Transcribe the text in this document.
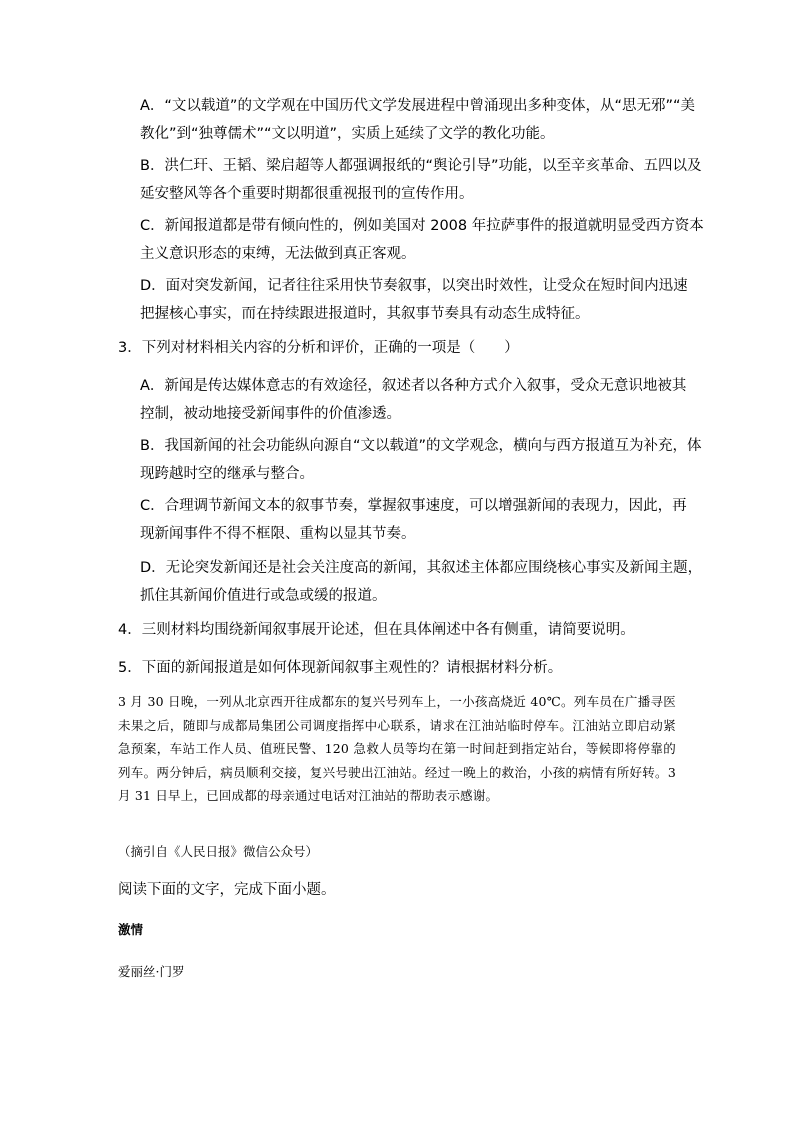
A．“文以载道”的文学观在中国历代文学发展进程中曾涌现出多种变体，从“思无邪”“美
教化”到“独尊儒术”“文以明道”，实质上延续了文学的教化功能。
B．洪仁玕、王韬、梁启超等人都强调报纸的“舆论引导”功能，以至辛亥革命、五四以及
延安整风等各个重要时期都很重视报刊的宣传作用。
C．新闻报道都是带有倾向性的，例如美国对 2008 年拉萨事件的报道就明显受西方资本
主义意识形态的束缚，无法做到真正客观。
D．面对突发新闻，记者往往采用快节奏叙事，以突出时效性，让受众在短时间内迅速
把握核心事实，而在持续跟进报道时，其叙事节奏具有动态生成特征。
3．下列对材料相关内容的分析和评价，正确的一项是（　　）
A．新闻是传达媒体意志的有效途径，叙述者以各种方式介入叙事，受众无意识地被其
控制，被动地接受新闻事件的价值渗透。
B．我国新闻的社会功能纵向源自“文以载道”的文学观念，横向与西方报道互为补充，体
现跨越时空的继承与整合。
C．合理调节新闻文本的叙事节奏，掌握叙事速度，可以增强新闻的表现力，因此，再
现新闻事件不得不框限、重构以显其节奏。
D．无论突发新闻还是社会关注度高的新闻，其叙述主体都应围绕核心事实及新闻主题，
抓住其新闻价值进行或急或缓的报道。
4．三则材料均围绕新闻叙事展开论述，但在具体阐述中各有侧重，请简要说明。
5．下面的新闻报道是如何体现新闻叙事主观性的？请根据材料分析。
3 月 30 日晚，一列从北京西开往成都东的复兴号列车上，一小孩高烧近 40℃。列车员在广播寻医未果之后，随即与成都局集团公司调度指挥中心联系，请求在江油站临时停车。江油站立即启动紧急预案，车站工作人员、值班民警、120 急救人员等均在第一时间赶到指定站台，等候即将停靠的列车。两分钟后，病员顺利交接，复兴号驶出江油站。经过一晚上的救治，小孩的病情有所好转。3 月 31 日早上，已回成都的母亲通过电话对江油站的帮助表示感谢。
（摘引自《人民日报》微信公众号）
阅读下面的文字，完成下面小题。
激情
爱丽丝·门罗
